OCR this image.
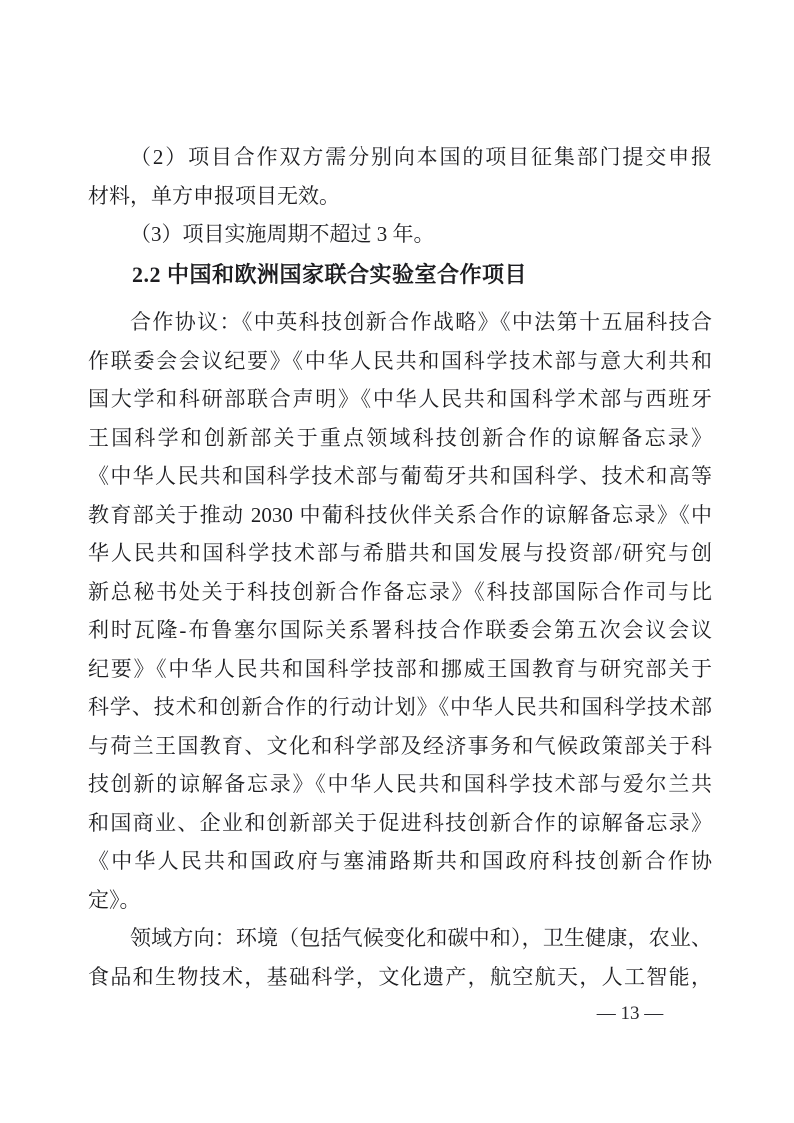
（2）项目合作双方需分别向本国的项目征集部门提交申报
材料，单方申报项目无效。
（3）项目实施周期不超过 3 年。
2.2 中国和欧洲国家联合实验室合作项目
合作协议：《中英科技创新合作战略》《中法第十五届科技合
作联委会会议纪要》《中华人民共和国科学技术部与意大利共和
国大学和科研部联合声明》《中华人民共和国科学术部与西班牙
王国科学和创新部关于重点领域科技创新合作的谅解备忘录》
《中华人民共和国科学技术部与葡萄牙共和国科学、技术和高等
教育部关于推动 2030 中葡科技伙伴关系合作的谅解备忘录》《中
华人民共和国科学技术部与希腊共和国发展与投资部/研究与创
新总秘书处关于科技创新合作备忘录》《科技部国际合作司与比
利时瓦隆-布鲁塞尔国际关系署科技合作联委会第五次会议会议
纪要》《中华人民共和国科学技部和挪威王国教育与研究部关于
科学、技术和创新合作的行动计划》《中华人民共和国科学技术部
与荷兰王国教育、文化和科学部及经济事务和气候政策部关于科
技创新的谅解备忘录》《中华人民共和国科学技术部与爱尔兰共
和国商业、企业和创新部关于促进科技创新合作的谅解备忘录》
《中华人民共和国政府与塞浦路斯共和国政府科技创新合作协
定》。
领域方向：环境（包括气候变化和碳中和），卫生健康，农业、
食品和生物技术，基础科学，文化遗产，航空航天，人工智能，
— 13 —
